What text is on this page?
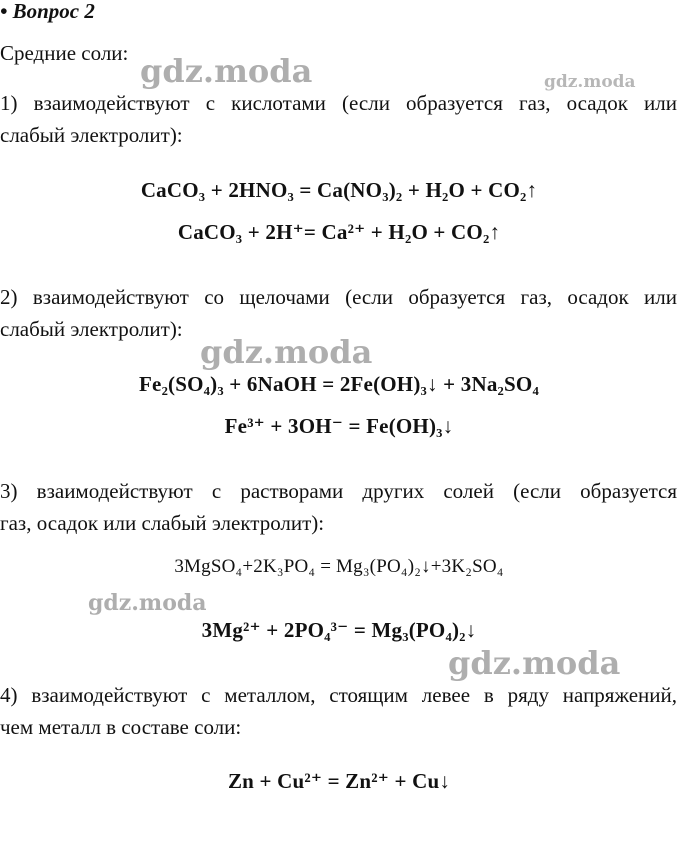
• Вопрос 2
Средние соли:
1) взаимодействуют с кислотами (если образуется газ, осадок или
слабый электролит):
CaCO₃ + 2HNO₃ = Ca(NO₃)₂ + H₂O + CO₂↑
CaCO₃ + 2H⁺= Ca²⁺ + H₂O + CO₂↑
2) взаимодействуют со щелочами (если образуется газ, осадок или
слабый электролит):
Fe₂(SO₄)₃ + 6NaOH = 2Fe(OH)₃↓ + 3Na₂SO₄
Fe³⁺ + 3OH⁻ = Fe(OH)₃↓
3) взаимодействуют с растворами других солей (если образуется
газ, осадок или слабый электролит):
3MgSO₄+2K₃PO₄ = Mg₃(PO₄)₂↓+3K₂SO₄
3Mg²⁺ + 2PO₄³⁻ = Mg₃(PO₄)₂↓
4) взаимодействуют с металлом, стоящим левее в ряду напряжений,
чем металл в составе соли:
Zn + Cu²⁺ = Zn²⁺ + Cu↓
gdz.moda	gdz.moda
gdz.moda
gdz.moda
gdz.moda
